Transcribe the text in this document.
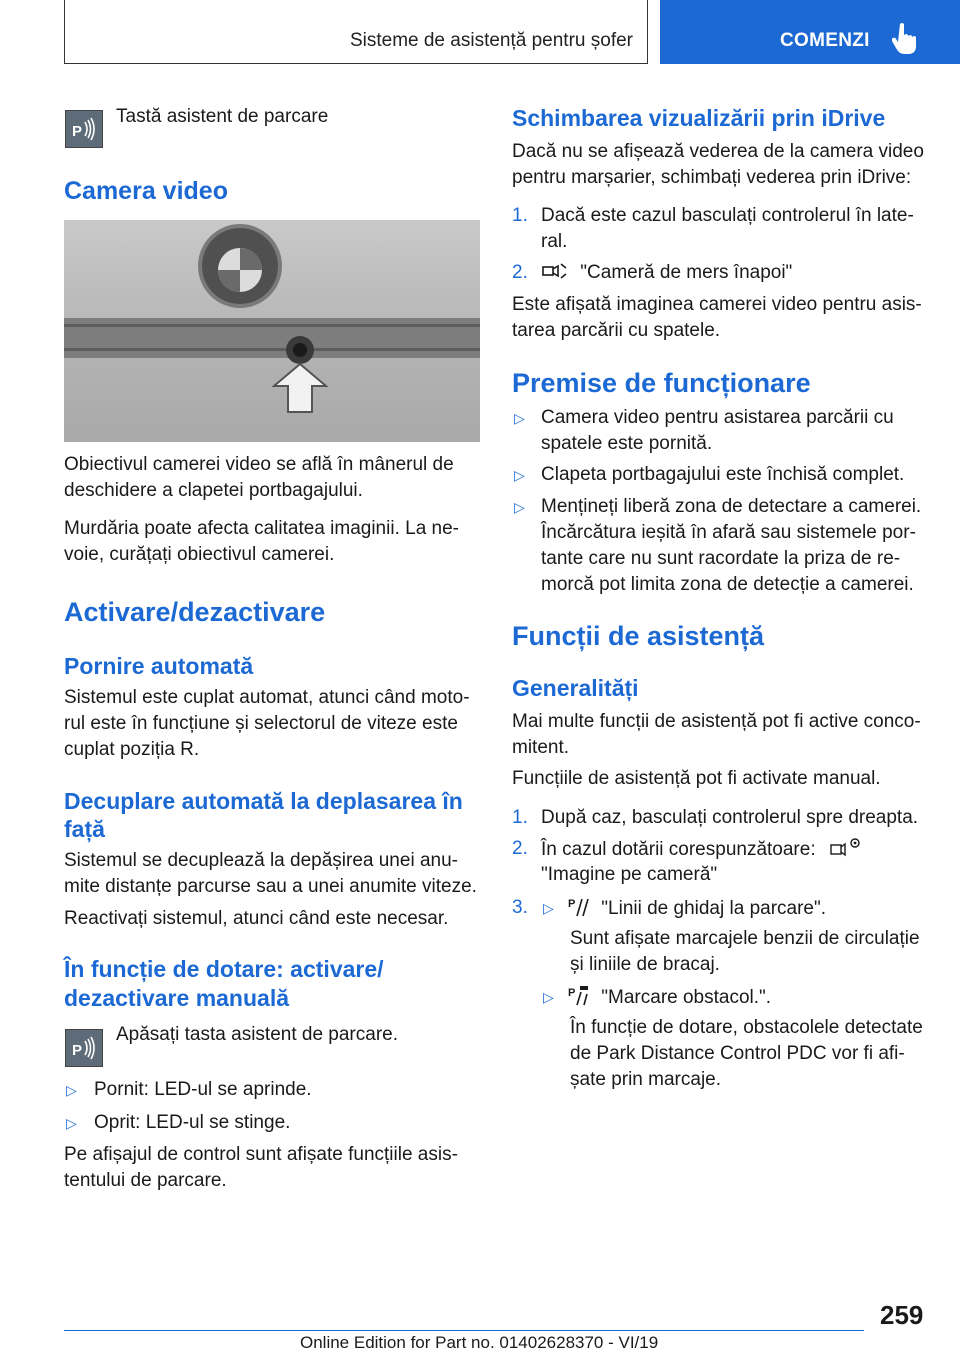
Sisteme de asistență pentru șofer	COMENZI
P
Tastă asistent de parcare
Camera video
Obiectivul camerei video se află în mânerul de
deschidere a clapetei portbagajului.
Murdăria poate afecta calitatea imaginii. La ne‐
voie, curățați obiectivul camerei.
Activare/dezactivare
Pornire automată
Sistemul este cuplat automat, atunci când moto‐
rul este în funcțiune și selectorul de viteze este
cuplat poziția R.
Decuplare automată la deplasarea în
față
Sistemul se decuplează la depășirea unei anu‐
mite distanțe parcurse sau a unei anumite viteze.
Reactivați sistemul, atunci când este necesar.
În funcție de dotare: activare/
dezactivare manuală
P
Apăsați tasta asistent de parcare.
▷ Pornit: LED-ul se aprinde.
▷ Oprit: LED-ul se stinge.
Pe afișajul de control sunt afișate funcțiile asis‐
tentului de parcare.
Schimbarea vizualizării prin iDrive
Dacă nu se afișează vederea de la camera video
pentru marșarier, schimbați vederea prin iDrive:
1. Dacă este cazul basculați controlerul în late‐
ral.
2.	"Cameră de mers înapoi"
Este afișată imaginea camerei video pentru asis‐
tarea parcării cu spatele.
Premise de funcționare
▷ Camera video pentru asistarea parcării cu
spatele este pornită.
▷ Clapeta portbagajului este închisă complet.
▷ Mențineți liberă zona de detectare a camerei.
Încărcătura ieșită în afară sau sistemele por‐
tante care nu sunt racordate la priza de re‐
morcă pot limita zona de detecție a camerei.
Funcții de asistență
Generalități
Mai multe funcții de asistență pot fi active conco‐
mitent.
Funcțiile de asistență pot fi activate manual.
1. După caz, basculați controlerul spre dreapta.
2. În cazul dotării corespunzătoare:
"Imagine pe cameră"
3. ▷ P "Linii de ghidaj la parcare".
Sunt afișate marcajele benzii de circulație
și liniile de bracaj.
▷ P "Marcare obstacol.".
În funcție de dotare, obstacolele detectate
de Park Distance Control PDC vor fi afi‐
șate prin marcaje.
259
Online Edition for Part no. 01402628370 - VI/19
